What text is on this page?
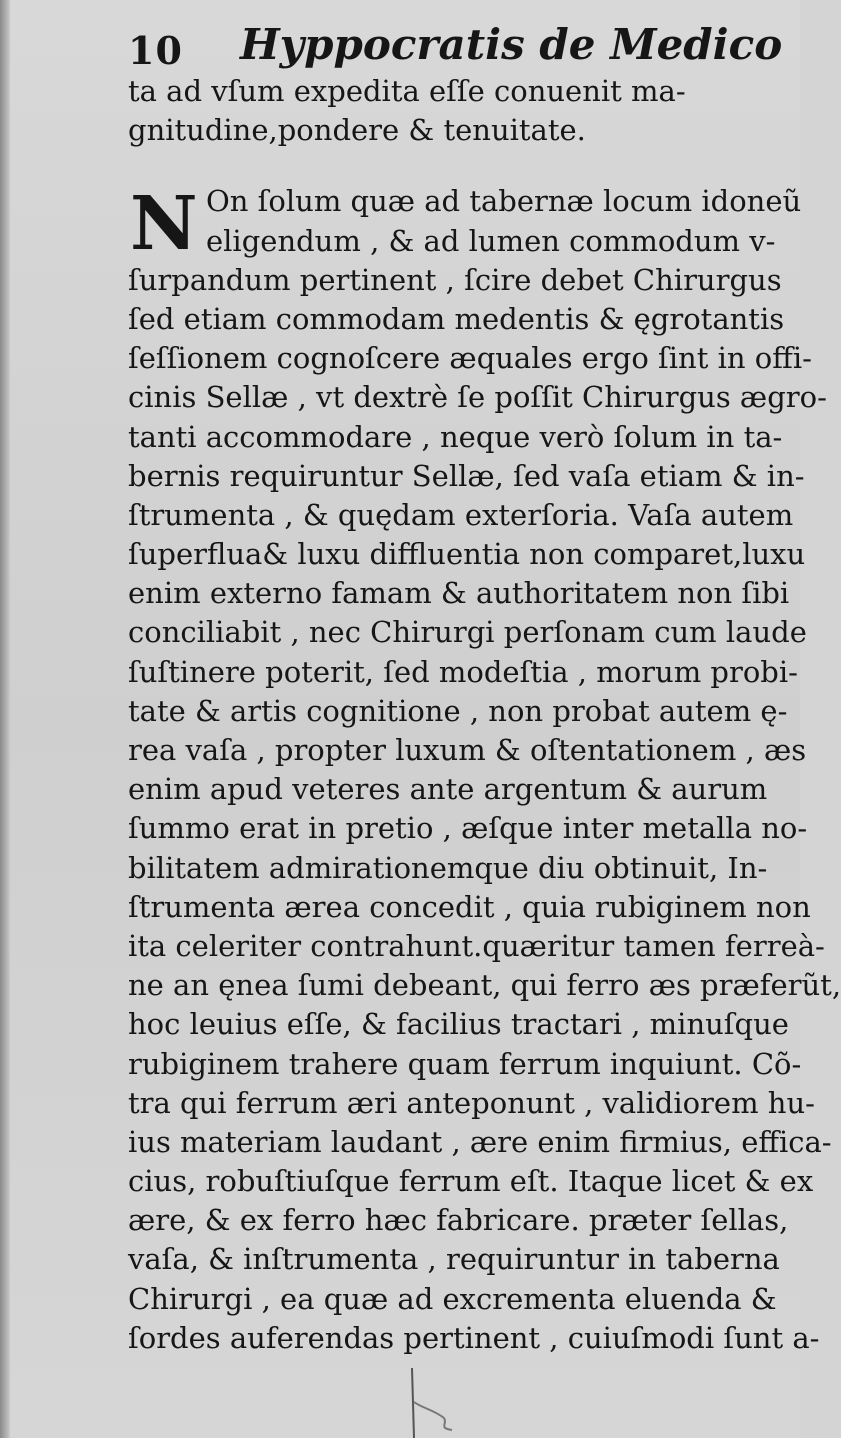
10 Hyppocratis de Medico
ta ad vſum expedita eſſe conuenit ma-
gnitudine,pondere & tenuitate.
N On ſolum quæ ad tabernæ locum idoneũ
eligendum , & ad lumen commodum v-
ſurpandum pertinent , ſcire debet Chirurgus
ſed etiam commodam medentis & ęgrotantis
ſeſſionem cognoſcere æquales ergo ſint in offi-
cinis Sellæ , vt dextrè ſe poſſit Chirurgus ægro-
tanti accommodare , neque verò ſolum in ta-
bernis requiruntur Sellæ, ſed vaſa etiam & in-
ſtrumenta , & quędam exterſoria. Vaſa autem
ſuperflua& luxu diffluentia non comparet,luxu
enim externo famam & authoritatem non ſibi
conciliabit , nec Chirurgi perſonam cum laude
ſuſtinere poterit, ſed modeſtia , morum probi-
tate & artis cognitione , non probat autem ę-
rea vaſa , propter luxum & oſtentationem , æs
enim apud veteres ante argentum & aurum
ſummo erat in pretio , æſque inter metalla no-
bilitatem admirationemque diu obtinuit, In-
ſtrumenta ærea concedit , quia rubiginem non
ita celeriter contrahunt.quæritur tamen ferreà-
ne an ęnea ſumi debeant, qui ferro æs præferũt,
hoc leuius eſſe, & facilius tractari , minuſque
rubiginem trahere quam ferrum inquiunt. Cõ-
tra qui ferrum æri anteponunt , validiorem hu-
ius materiam laudant , ære enim firmius, effica-
cius, robuſtiuſque ferrum eſt. Itaque licet & ex
ære, & ex ferro hæc fabricare. præter ſellas,
vaſa, & inſtrumenta , requiruntur in taberna
Chirurgi , ea quæ ad excrementa eluenda &
ſordes auferendas pertinent , cuiuſmodi ſunt a-
